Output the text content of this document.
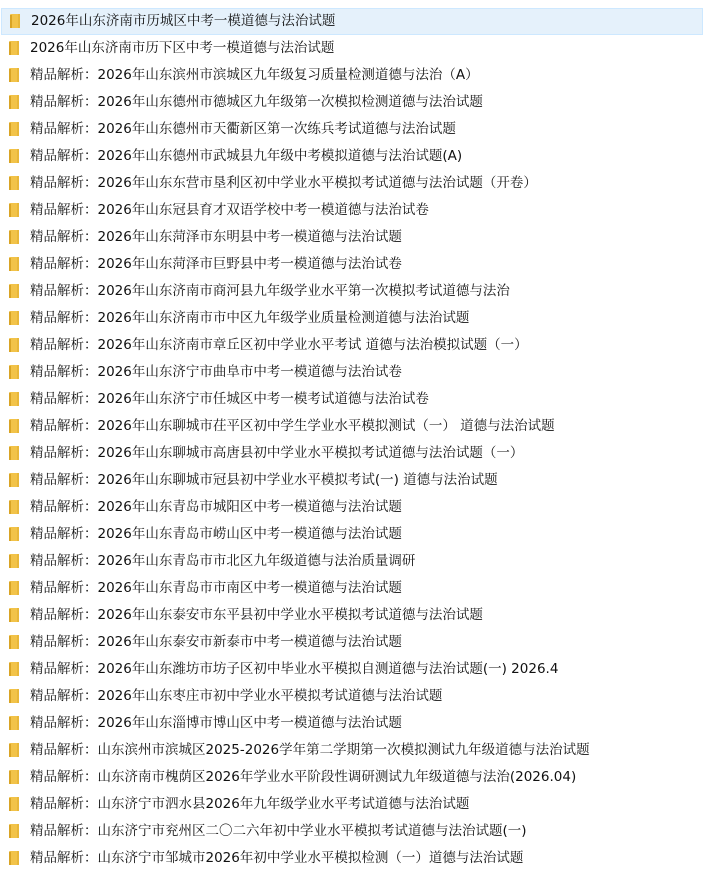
2026年山东济南市历城区中考一模道德与法治试题
2026年山东济南市历下区中考一模道德与法治试题
精品解析：2026年山东滨州市滨城区九年级复习质量检测道德与法治（A）
精品解析：2026年山东德州市德城区九年级第一次模拟检测道德与法治试题
精品解析：2026年山东德州市天衢新区第一次练兵考试道德与法治试题
精品解析：2026年山东德州市武城县九年级中考模拟道德与法治试题(A)
精品解析：2026年山东东营市垦利区初中学业水平模拟考试道德与法治试题（开卷）
精品解析：2026年山东冠县育才双语学校中考一模道德与法治试卷
精品解析：2026年山东菏泽市东明县中考一模道德与法治试题
精品解析：2026年山东菏泽市巨野县中考一模道德与法治试卷
精品解析：2026年山东济南市商河县九年级学业水平第一次模拟考试道德与法治
精品解析：2026年山东济南市市中区九年级学业质量检测道德与法治试题
精品解析：2026年山东济南市章丘区初中学业水平考试 道德与法治模拟试题（一）
精品解析：2026年山东济宁市曲阜市中考一模道德与法治试卷
精品解析：2026年山东济宁市任城区中考一模考试道德与法治试卷
精品解析：2026年山东聊城市茌平区初中学生学业水平模拟测试（一） 道德与法治试题
精品解析：2026年山东聊城市高唐县初中学业水平模拟考试道德与法治试题（一）
精品解析：2026年山东聊城市冠县初中学业水平模拟考试(一) 道德与法治试题
精品解析：2026年山东青岛市城阳区中考一模道德与法治试题
精品解析：2026年山东青岛市崂山区中考一模道德与法治试题
精品解析：2026年山东青岛市市北区九年级道德与法治质量调研
精品解析：2026年山东青岛市市南区中考一模道德与法治试题
精品解析：2026年山东泰安市东平县初中学业水平模拟考试道德与法治试题
精品解析：2026年山东泰安市新泰市中考一模道德与法治试题
精品解析：2026年山东潍坊市坊子区初中毕业水平模拟自测道德与法治试题(一) 2026.4
精品解析：2026年山东枣庄市初中学业水平模拟考试道德与法治试题
精品解析：2026年山东淄博市博山区中考一模道德与法治试题
精品解析：山东滨州市滨城区2025-2026学年第二学期第一次模拟测试九年级道德与法治试题
精品解析：山东济南市槐荫区2026年学业水平阶段性调研测试九年级道德与法治(2026.04)
精品解析：山东济宁市泗水县2026年九年级学业水平考试道德与法治试题
精品解析：山东济宁市兖州区二〇二六年初中学业水平模拟考试道德与法治试题(一)
精品解析：山东济宁市邹城市2026年初中学业水平模拟检测（一）道德与法治试题
